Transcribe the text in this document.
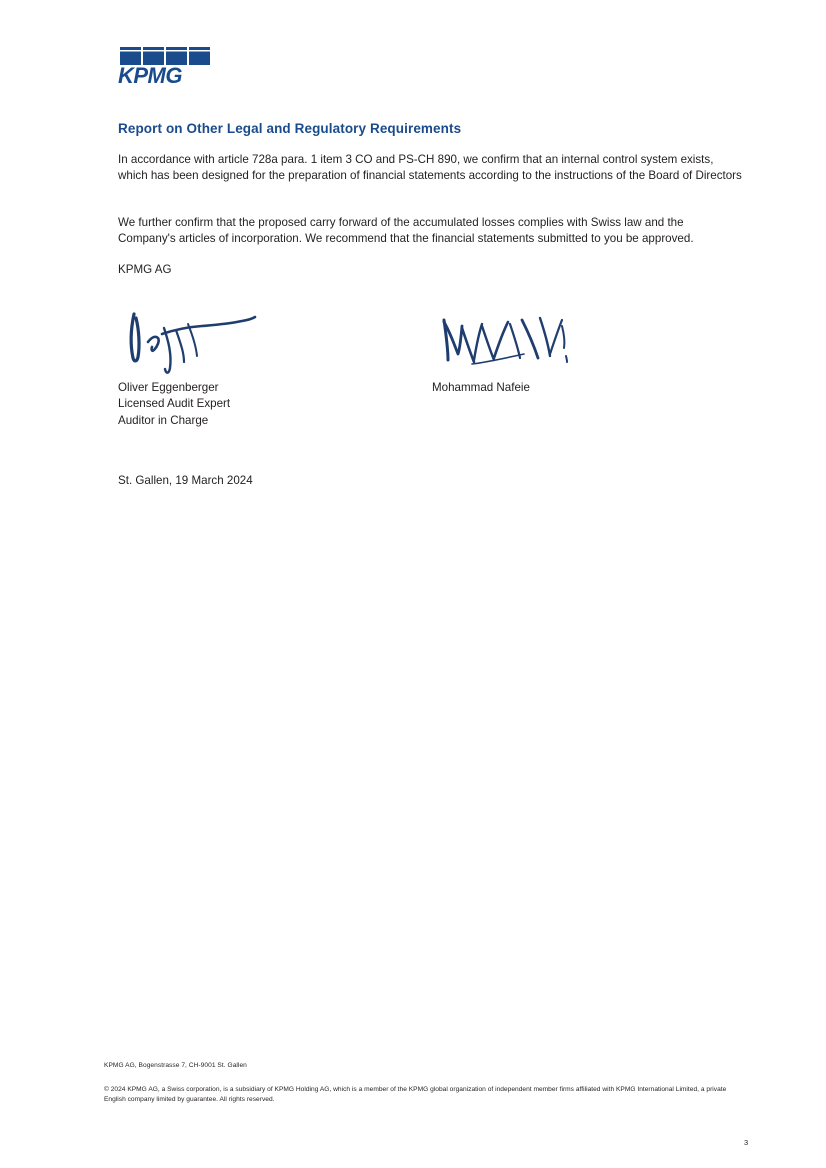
KPMG
Report on Other Legal and Regulatory Requirements
In accordance with article 728a para. 1 item 3 CO and PS-CH 890, we confirm that an internal control system exists, which has been designed for the preparation of financial statements according to the instructions of the Board of Directors
We further confirm that the proposed carry forward of the accumulated losses complies with Swiss law and the Company's articles of incorporation. We recommend that the financial statements submitted to you be approved.
KPMG AG
Oliver Eggenberger
Licensed Audit Expert
Auditor in Charge
Mohammad Nafeie
St. Gallen, 19 March 2024
KPMG AG, Bogenstrasse 7, CH-9001 St. Gallen
© 2024 KPMG AG, a Swiss corporation, is a subsidiary of KPMG Holding AG, which is a member of the KPMG global organization of independent member firms affiliated with KPMG International Limited, a private English company limited by guarantee. All rights reserved.
3
